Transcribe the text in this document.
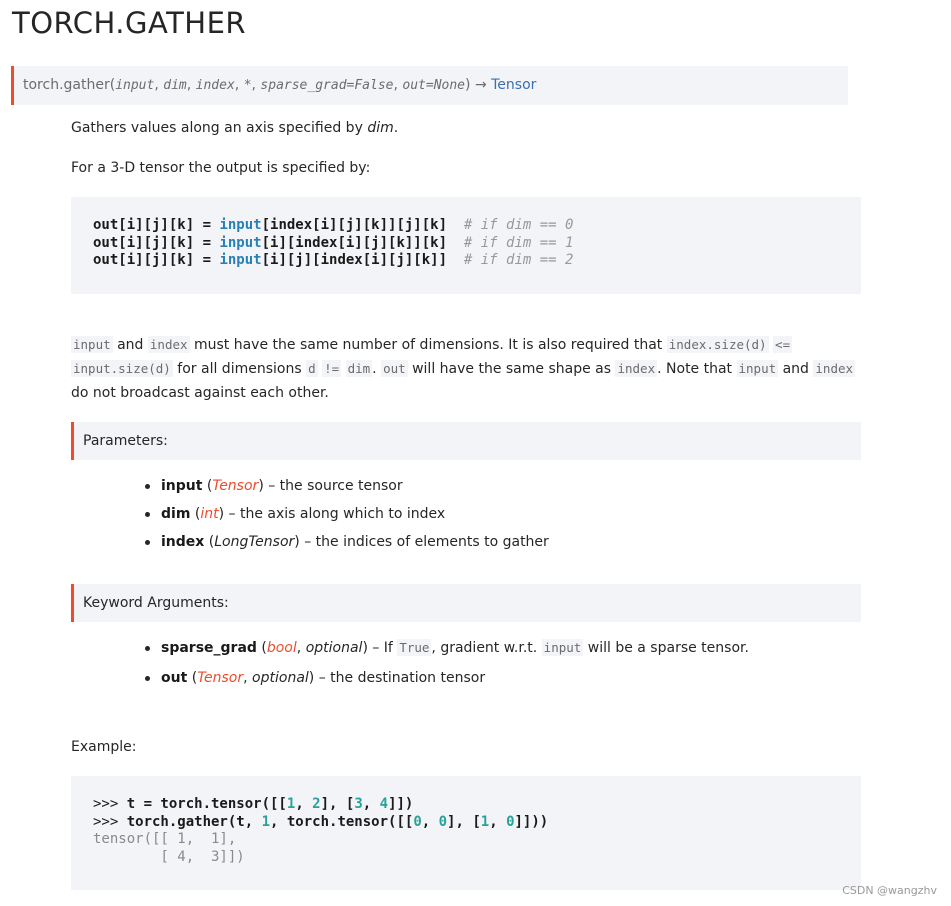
TORCH.GATHER
torch.gather(input, dim, index, *, sparse_grad=False, out=None) → Tensor

Gathers values along an axis specified by dim.

For a 3-D tensor the output is specified by:

out[i][j][k] = input[index[i][j][k]][j][k]  # if dim == 0
out[i][j][k] = input[i][index[i][j][k]][k]  # if dim == 1
out[i][j][k] = input[i][j][index[i][j][k]]  # if dim == 2

input and index must have the same number of dimensions. It is also required that index.size(d) <= input.size(d) for all dimensions d != dim . out will have the same shape as index . Note that input and index do not broadcast against each other.

Parameters:
input (Tensor) – the source tensor
dim (int) – the axis along which to index
index (LongTensor) – the indices of elements to gather
Keyword Arguments:
sparse_grad (bool, optional) – If True , gradient w.r.t. input will be a sparse tensor.
out (Tensor, optional) – the destination tensor

Example:

>>> t = torch.tensor([[1, 2], [3, 4]])
>>> torch.gather(t, 1, torch.tensor([[0, 0], [1, 0]]))
tensor([[ 1,  1],
[ 4,  3]])
CSDN @wangzhv
